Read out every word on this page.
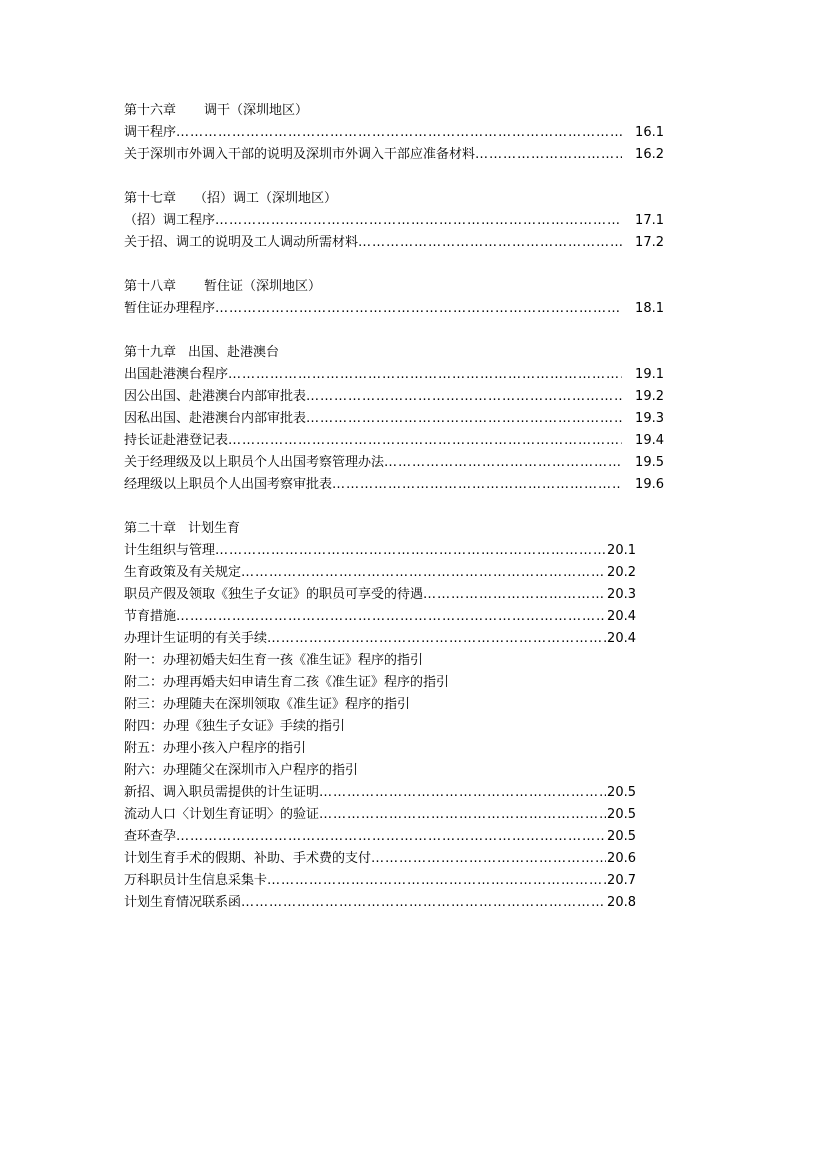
第十六章 调干（深圳地区）
调干程序 …………………………………………………………………………………………………………………………………	16.1
关于深圳市外调入干部的说明及深圳市外调入干部应准备材料 …………………………………………………………………………………………………………………………………	16.2
第十七章 （招）调工（深圳地区）
（招）调工程序 …………………………………………………………………………………………………………………………………	17.1
关于招、调工的说明及工人调动所需材料 …………………………………………………………………………………………………………………………………	17.2
第十八章 暂住证（深圳地区）
暂住证办理程序 …………………………………………………………………………………………………………………………………	18.1
第十九章 出国、赴港澳台
出国赴港澳台程序 …………………………………………………………………………………………………………………………………	19.1
因公出国、赴港澳台内部审批表 …………………………………………………………………………………………………………………………………	19.2
因私出国、赴港澳台内部审批表 …………………………………………………………………………………………………………………………………	19.3
持长证赴港登记表 …………………………………………………………………………………………………………………………………	19.4
关于经理级及以上职员个人出国考察管理办法 …………………………………………………………………………………………………………………………………	19.5
经理级以上职员个人出国考察审批表 …………………………………………………………………………………………………………………………………	19.6
第二十章 计划生育
计生组织与管理 …………………………………………………………………………………………………………………………………	20.1
生育政策及有关规定 …………………………………………………………………………………………………………………………………	20.2
职员产假及领取《独生子女证》的职员可享受的待遇 …………………………………………………………………………………………………………………………………	20.3
节育措施 …………………………………………………………………………………………………………………………………	20.4
办理计生证明的有关手续 …………………………………………………………………………………………………………………………………	20.4
附一：办理初婚夫妇生育一孩《准生证》程序的指引
附二：办理再婚夫妇申请生育二孩《准生证》程序的指引
附三：办理随夫在深圳领取《准生证》程序的指引
附四：办理《独生子女证》手续的指引
附五：办理小孩入户程序的指引
附六：办理随父在深圳市入户程序的指引
新招、调入职员需提供的计生证明 …………………………………………………………………………………………………………………………………	20.5
流动人口〈计划生育证明〉的验证 …………………………………………………………………………………………………………………………………	20.5
查环查孕 …………………………………………………………………………………………………………………………………	20.5
计划生育手术的假期、补助、手术费的支付 …………………………………………………………………………………………………………………………………	20.6
万科职员计生信息采集卡 …………………………………………………………………………………………………………………………………	20.7
计划生育情况联系函 …………………………………………………………………………………………………………………………………	20.8
